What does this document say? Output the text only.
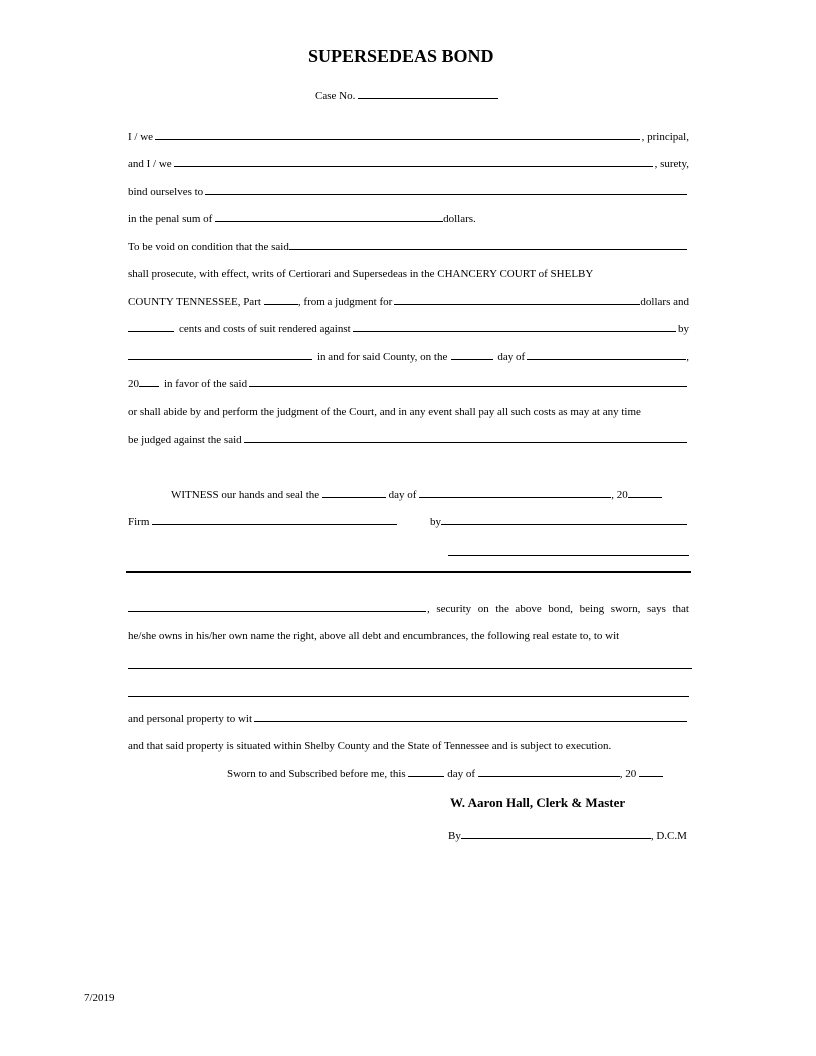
SUPERSEDEAS BOND
Case No.
I / we	, principal,
and I / we	, surety,
bind ourselves to
in the penal sum of	dollars.
To be void on condition that the said
shall prosecute, with effect, writs of Certiorari and Supersedeas in the CHANCERY COURT of SHELBY
COUNTY TENNESSEE, Part	, from a judgment for	dollars and
cents and costs of suit rendered against	by
in and for said County, on the	day of	,
20 in favor of the said
or shall abide by and perform the judgment of the Court, and in any event shall pay all such costs as may at any time
be judged against the said
WITNESS our hands and seal the	day of	, 20
Firm	by
, security on the above bond, being sworn, says that
he/she owns in his/her own name the right, above all debt and encumbrances, the following real estate to, to wit
and personal property to wit
and that said property is situated within Shelby County and the State of Tennessee and is subject to execution.
Sworn to and Subscribed before me, this	day of	, 20
W. Aaron Hall, Clerk & Master
By	, D.C.M
7/2019
